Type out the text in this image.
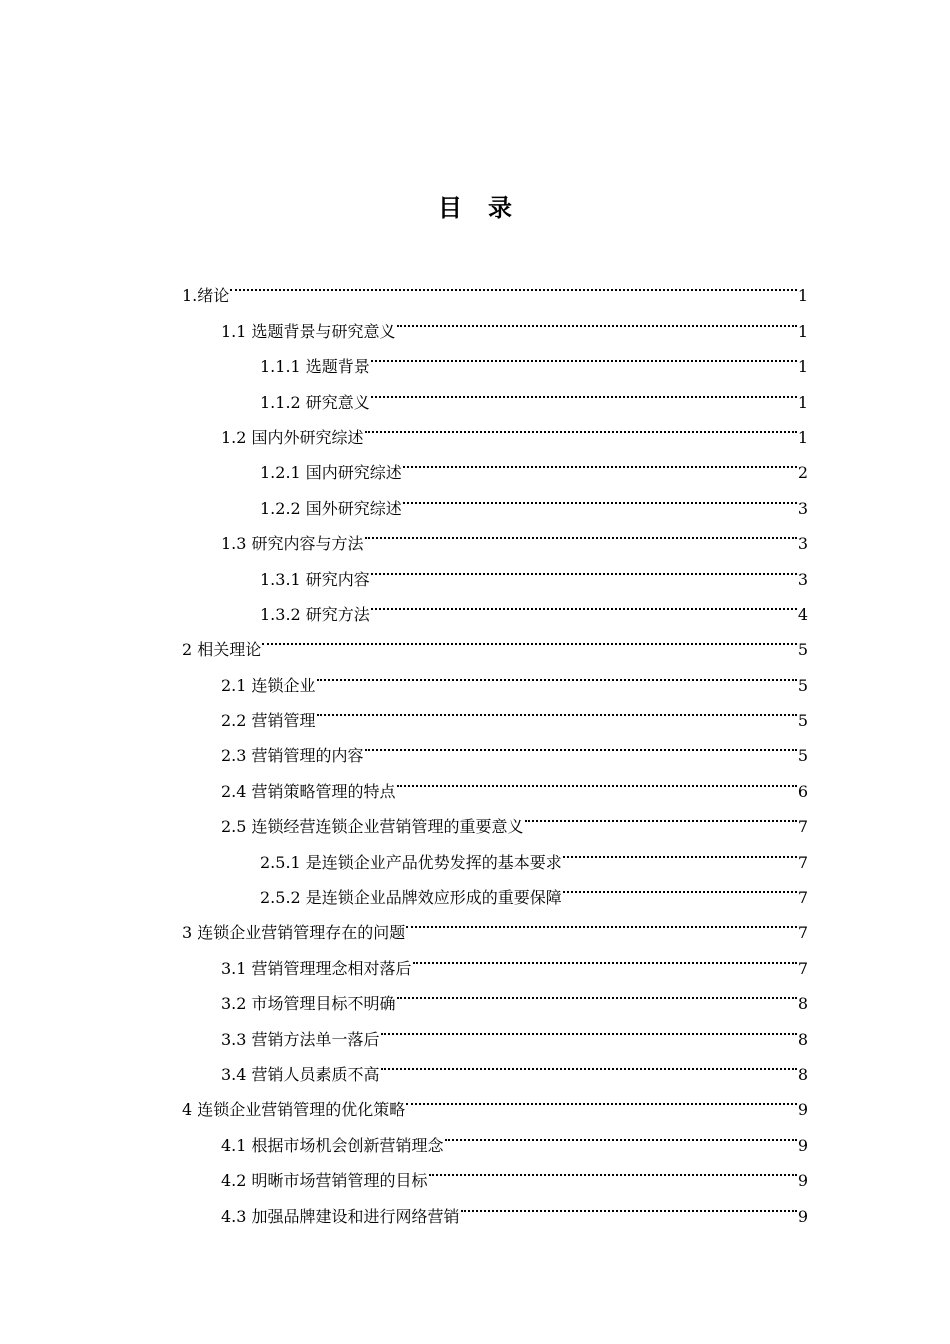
目录
1.绪论	1
1.1 选题背景与研究意义	1
1.1.1 选题背景	1
1.1.2 研究意义	1
1.2 国内外研究综述	1
1.2.1 国内研究综述	2
1.2.2 国外研究综述	3
1.3 研究内容与方法	3
1.3.1 研究内容	3
1.3.2 研究方法	4
2 相关理论	5
2.1 连锁企业	5
2.2 营销管理	5
2.3 营销管理的内容	5
2.4 营销策略管理的特点	6
2.5 连锁经营连锁企业营销管理的重要意义	7
2.5.1 是连锁企业产品优势发挥的基本要求	7
2.5.2 是连锁企业品牌效应形成的重要保障	7
3 连锁企业营销管理存在的问题	7
3.1 营销管理理念相对落后	7
3.2 市场管理目标不明确	8
3.3 营销方法单一落后	8
3.4 营销人员素质不高	8
4 连锁企业营销管理的优化策略	9
4.1 根据市场机会创新营销理念	9
4.2 明晰市场营销管理的目标	9
4.3 加强品牌建设和进行网络营销	9
